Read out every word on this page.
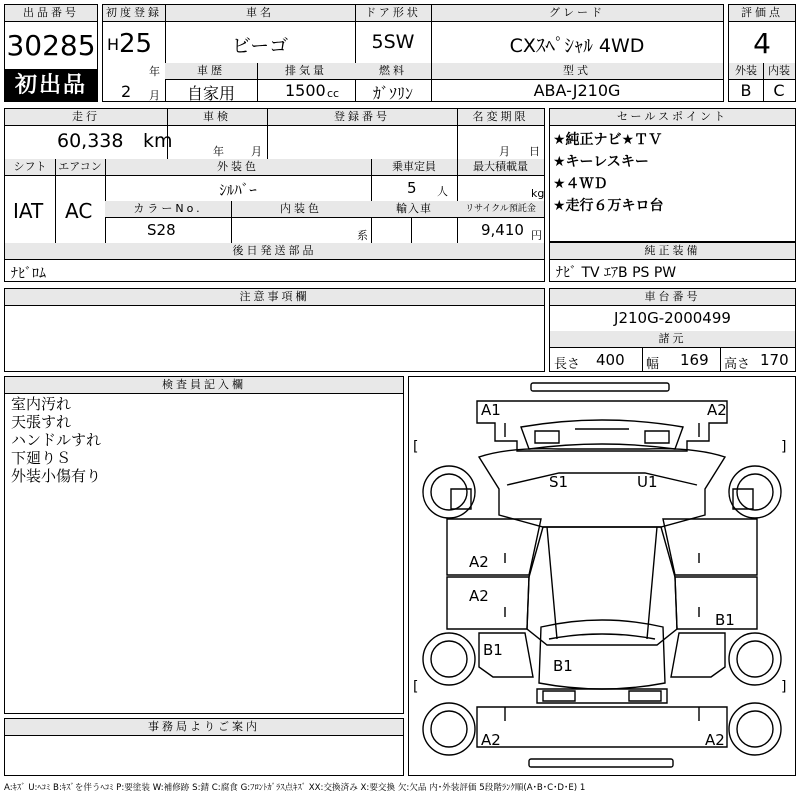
出品番号
30285
初出品
初度登録	車名	ドア形状	グレード
H 25
年
2 月
ビーゴ	5SW	CXｽﾍﾟｼｬﾙ 4WD
車歴	排気量	燃料	型式
自家用	1500 cc	ｶﾞｿﾘﾝ	ABA-J210G
評価点
4
外装	内装
B	C
走行	車検	登録番号	名変期限
60,338 km	年 月	月 日
シフト	エアコン	外装色	乗車定員	最大積載量
IAT AC
ｼﾙﾊﾞｰ	5 人	kg
カラーNo.	内装色	輸入車	リサイクル預託金
S28	系	9,410 円
後日発送部品
ﾅﾋﾞﾛﾑ
セールスポイント
★純正ナビ★ＴＶ
★キーレスキー
★４ＷＤ
★走行６万キロ台
純正装備
ﾅﾋﾞ TV ｴｱB PS PW
注意事項欄	車台番号
J210G-2000499
諸元
長さ 400 幅 169 高さ 170
検査員記入欄
室内汚れ
天張すれ
ハンドルすれ
下廻りＳ
外装小傷有り
事務局よりご案内
[	]
[	]
A1	A2
S1	U1
A2
A2
B1
B1
B1
A2	A2
A:ｷｽﾞ U:ﾍｺﾐ B:ｷｽﾞを伴うﾍｺﾐ P:要塗装 W:補修跡 S:錆 C:腐食 G:ﾌﾛﾝﾄｶﾞﾗｽ点ｷｽﾞ XX:交換済み X:要交換 欠:欠品 内･外装評価 5段階ﾗﾝｸ順(A･B･C･D･E) 1
